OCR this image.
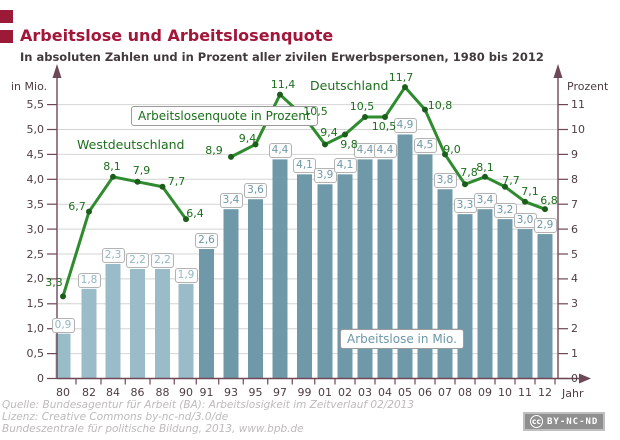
Arbeitslose und Arbeitslosenquote
In absoluten Zahlen und in Prozent aller zivilen Erwerbspersonen, 1980 bis 2012
in Mio.	Prozent
Jahr
Westdeutschland
Deutschland
Arbeitslosenquote in Prozent
Arbeitslose in Mio.
0,9
80
1,8
82
2,3
84
2,2
86
2,2
88
1,9
90
2,6
91
3,4
93
3,6
95
4,4
97
4,1
99
3,9
01
4,1
02
4,4
03
4,4
04
4,9
05
4,5
06
3,8
07
3,3
08
3,4
09
3,2
10
3,0
11
2,9
12
0
0,5
1,0
1,5
2,0
2,5
3,0
3,5
4,0
4,5
5,0
5,5
0
1
2
3
4
5
6
7
8
9
10
11
3,3
6,7
8,1	7,9
7,7
6,4
8,9
9,4
11,4
10,5
9,4
9,8
10,5
10,5
11,7
10,8
9,0
7,8
8,1
7,7
7,1
6,8
Quelle: Bundesagentur für Arbeit (BA): Arbeitslosigkeit im Zeitverlauf 02/2013
Lizenz: Creative Commons by-nc-nd/3.0/de
Bundeszentrale für politische Bildung, 2013, www.bpb.de
cc BY-NC-ND
